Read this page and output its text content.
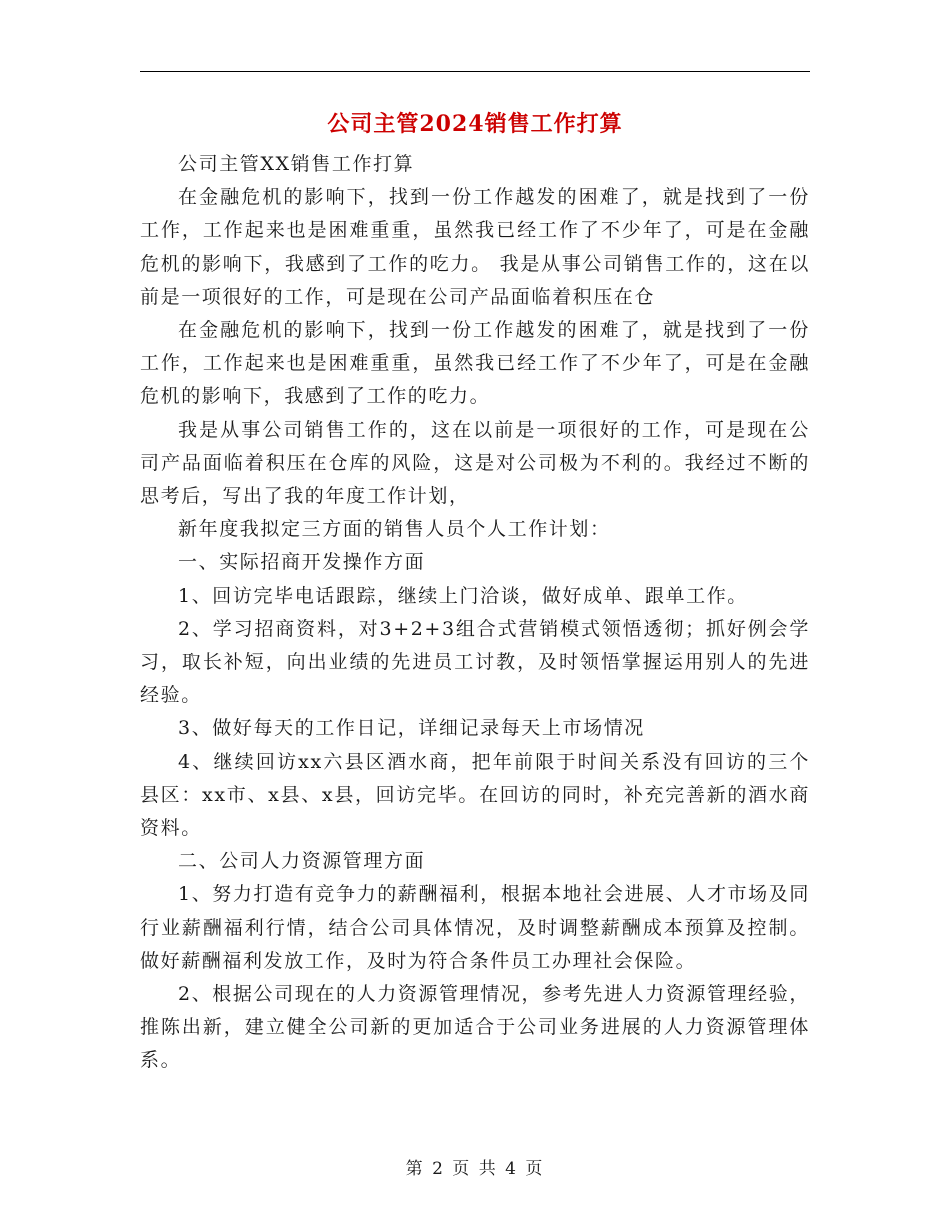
公司主管2024销售工作打算

公司主管XX销售工作打算

在金融危机的影响下，找到一份工作越发的困难了，就是找到了一份工作，工作起来也是困难重重，虽然我已经工作了不少年了，可是在金融危机的影响下，我感到了工作的吃力。 我是从事公司销售工作的，这在以前是一项很好的工作，可是现在公司产品面临着积压在仓

在金融危机的影响下，找到一份工作越发的困难了，就是找到了一份工作，工作起来也是困难重重，虽然我已经工作了不少年了，可是在金融危机的影响下，我感到了工作的吃力。

我是从事公司销售工作的，这在以前是一项很好的工作，可是现在公司产品面临着积压在仓库的风险，这是对公司极为不利的。我经过不断的思考后，写出了我的年度工作计划，

新年度我拟定三方面的销售人员个人工作计划：

一、实际招商开发操作方面

1、回访完毕电话跟踪，继续上门洽谈，做好成单、跟单工作。

2、学习招商资料，对3+2+3组合式营销模式领悟透彻；抓好例会学习，取长补短，向出业绩的先进员工讨教，及时领悟掌握运用别人的先进经验。

3、做好每天的工作日记，详细记录每天上市场情况

4、继续回访xx六县区酒水商，把年前限于时间关系没有回访的三个县区：xx市、x县、x县，回访完毕。在回访的同时，补充完善新的酒水商资料。

二、公司人力资源管理方面

1、努力打造有竞争力的薪酬福利，根据本地社会进展、人才市场及同行业薪酬福利行情，结合公司具体情况，及时调整薪酬成本预算及控制。做好薪酬福利发放工作，及时为符合条件员工办理社会保险。

2、根据公司现在的人力资源管理情况，参考先进人力资源管理经验，推陈出新，建立健全公司新的更加适合于公司业务进展的人力资源管理体系。

第 2 页 共 4 页
